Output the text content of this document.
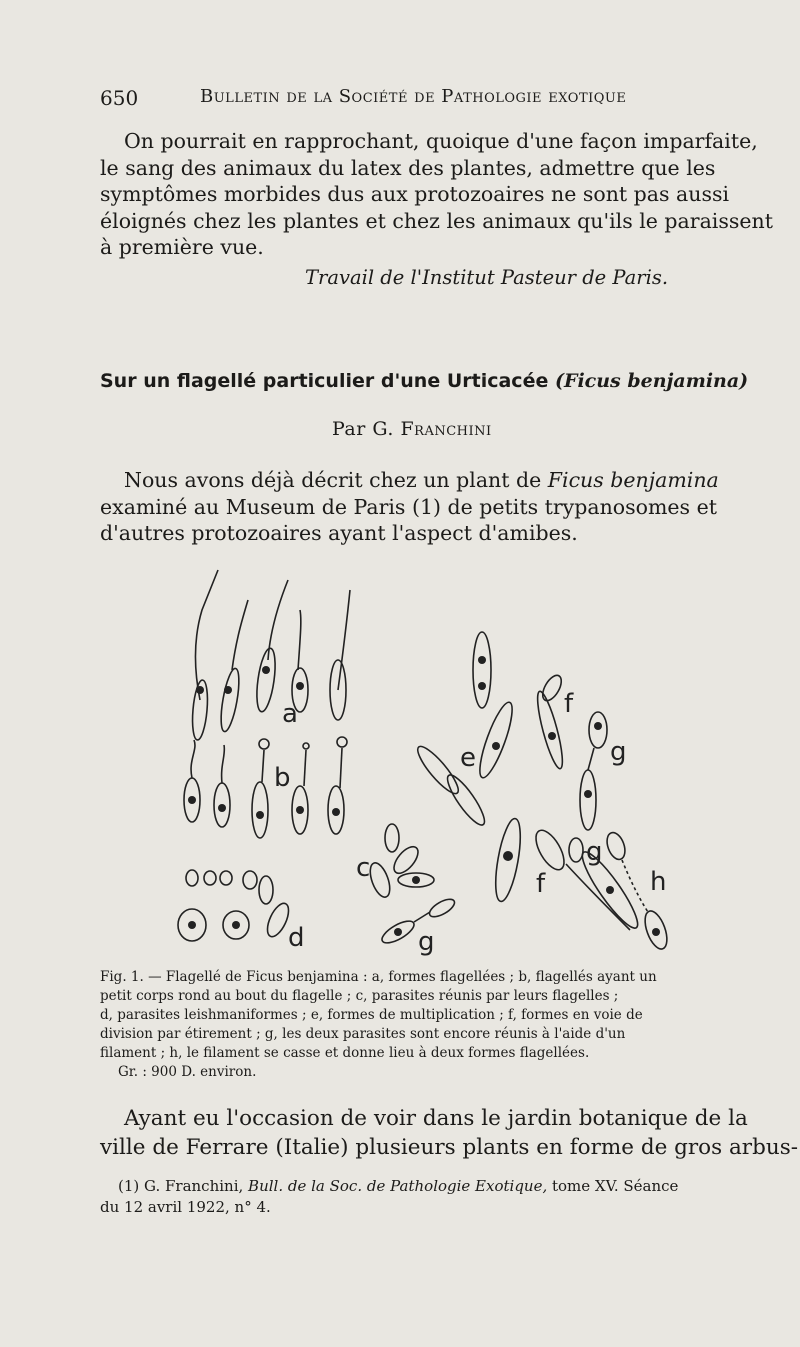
650	Bulletin de la Société de Pathologie exotique
On pourrait en rapprochant, quoique d'une façon imparfaite,
le sang des animaux du latex des plantes, admettre que les
symptômes morbides dus aux protozoaires ne sont pas aussi
éloignés chez les plantes et chez les animaux qu'ils le paraissent
à première vue.
Travail de l'Institut Pasteur de Paris.
Sur un flagellé particulier d'une Urticacée (Ficus benjamina)
Par G. Franchini
Nous avons déjà décrit chez un plant de Ficus benjamina
examiné au Museum de Paris (1) de petits trypanosomes et
d'autres protozoaires ayant l'aspect d'amibes.
a
b
c
d
e
f
g
g
g
h
f
Fig. 1. — Flagellé de Ficus benjamina : a, formes flagellées ; b, flagellés ayant un
petit corps rond au bout du flagelle ; c, parasites réunis par leurs flagelles ;
d, parasites leishmaniformes ; e, formes de multiplication ; f, formes en voie de
division par étirement ; g, les deux parasites sont encore réunis à l'aide d'un
filament ; h, le filament se casse et donne lieu à deux formes flagellées.
Gr. : 900 D. environ.
Ayant eu l'occasion de voir dans le jardin botanique de la
ville de Ferrare (Italie) plusieurs plants en forme de gros arbus-
(1) G. Franchini, Bull. de la Soc. de Pathologie Exotique, tome XV. Séance
du 12 avril 1922, n° 4.
